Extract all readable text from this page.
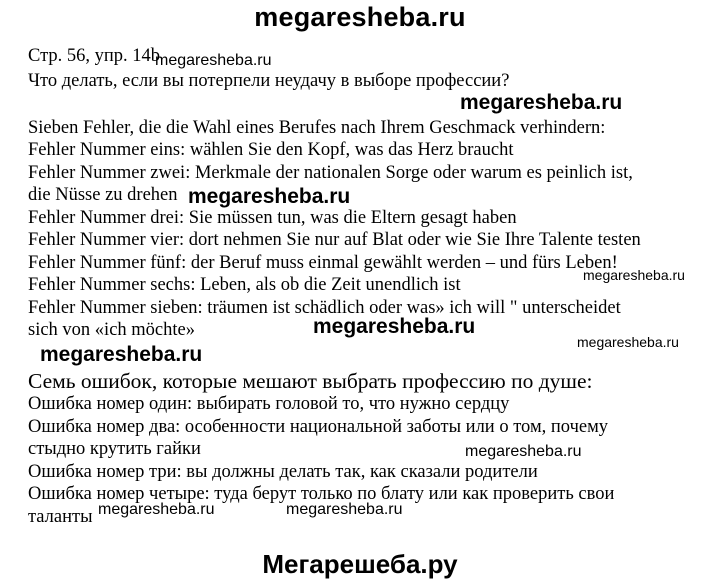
megaresheba.ru
Стр. 56, упр. 14b
Что делать, если вы потерпели неудачу в выборе профессии?
Sieben Fehler, die die Wahl eines Berufes nach Ihrem Geschmack verhindern:
Fehler Nummer eins: wählen Sie den Kopf, was das Herz braucht
Fehler Nummer zwei: Merkmale der nationalen Sorge oder warum es peinlich ist,
die Nüsse zu drehen
Fehler Nummer drei: Sie müssen tun, was die Eltern gesagt haben
Fehler Nummer vier: dort nehmen Sie nur auf Blat oder wie Sie Ihre Talente testen
Fehler Nummer fünf: der Beruf muss einmal gewählt werden – und fürs Leben!
Fehler Nummer sechs: Leben, als ob die Zeit unendlich ist
Fehler Nummer sieben: träumen ist schädlich oder was» ich will " unterscheidet
sich von «ich möchte»
Семь ошибок, которые мешают выбрать профессию по душе:
Ошибка номер один: выбирать головой то, что нужно сердцу
Ошибка номер два: особенности национальной заботы или о том, почему
стыдно крутить гайки
Ошибка номер три: вы должны делать так, как сказали родители
Ошибка номер четыре: туда берут только по блату или как проверить свои
таланты
megaresheba.ru
megaresheba.ru
megaresheba.ru
megaresheba.ru
megaresheba.ru
megaresheba.ru
megaresheba.ru
megaresheba.ru
megaresheba.ru	megaresheba.ru
Мегарешеба.ру
